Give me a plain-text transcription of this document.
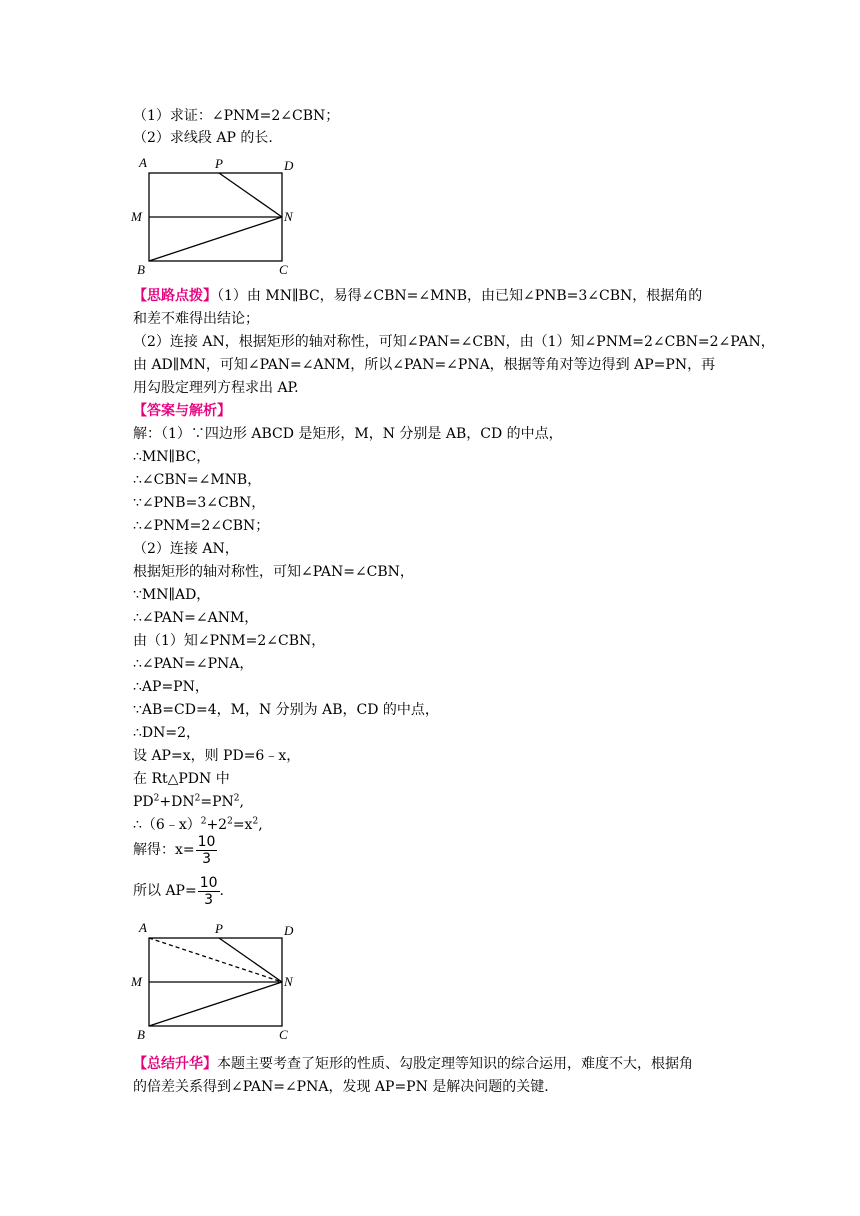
（1）求证：∠PNM=2∠CBN；
（2）求线段 AP 的长.
A	P	D
M	N
B	C
【思路点拨】（1）由 MN∥BC，易得∠CBN=∠MNB，由已知∠PNB=3∠CBN，根据角的
和差不难得出结论；
（2）连接 AN，根据矩形的轴对称性，可知∠PAN=∠CBN，由（1）知∠PNM=2∠CBN=2∠PAN，
由 AD∥MN，可知∠PAN=∠ANM，所以∠PAN=∠PNA，根据等角对等边得到 AP=PN，再
用勾股定理列方程求出 AP.
【答案与解析】
解：（1）∵四边形 ABCD 是矩形，M，N 分别是 AB，CD 的中点，
∴MN∥BC，
∴∠CBN=∠MNB，
∵∠PNB=3∠CBN，
∴∠PNM=2∠CBN；
（2）连接 AN，
根据矩形的轴对称性，可知∠PAN=∠CBN，
∵MN∥AD，
∴∠PAN=∠ANM，
由（1）知∠PNM=2∠CBN，
∴∠PAN=∠PNA，
∴AP=PN，
∵AB=CD=4，M，N 分别为 AB，CD 的中点，
∴DN=2，
设 AP=x，则 PD=6﹣x，
在 Rt△PDN 中
$PD^2+DN^2=PN^2$,
$\therefore(6﹣x)^2+2^2=x^2$,
解得：$x= \frac{10}{3}$
所以 $AP= \frac{10}{3}$ .
A	P	D
M	N
B	C
【总结升华】本题主要考查了矩形的性质、勾股定理等知识的综合运用，难度不大，根据角
的倍差关系得到∠PAN=∠PNA，发现 AP=PN 是解决问题的关键.
